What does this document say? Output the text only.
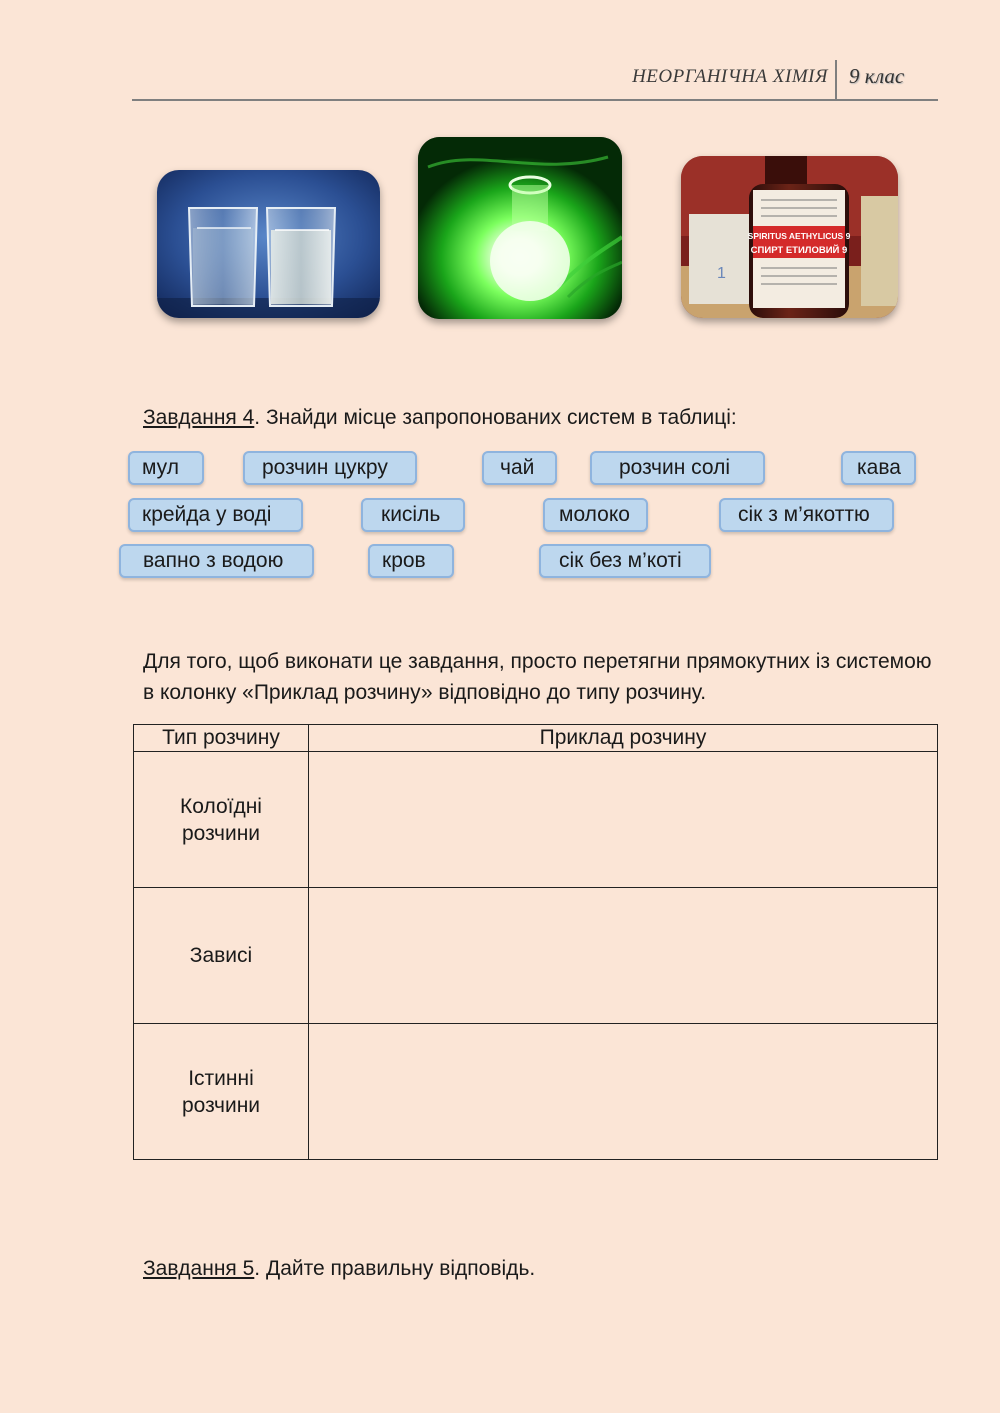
НЕОРГАНІЧНА ХІМІЯ 9 клас
1
SPIRITUS AETHYLICUS 9
СПИРТ ЕТИЛОВИЙ 9
Завдання 4. Знайди місце запропонованих систем в таблиці:
мул	розчин цукру	чай	розчин солі	кава
крейда у воді	кисіль	молоко	сік з м’якоттю
вапно з водою	кров	сік без м’коті
Для того, щоб виконати це завдання, просто перетягни прямокутних із системою в колонку «Приклад розчину» відповідно до типу розчину.
Тип розчину	Приклад розчину
Колоїдні
розчини	
Зависі	
Істинні
розчини	
Завдання 5. Дайте правильну відповідь.
